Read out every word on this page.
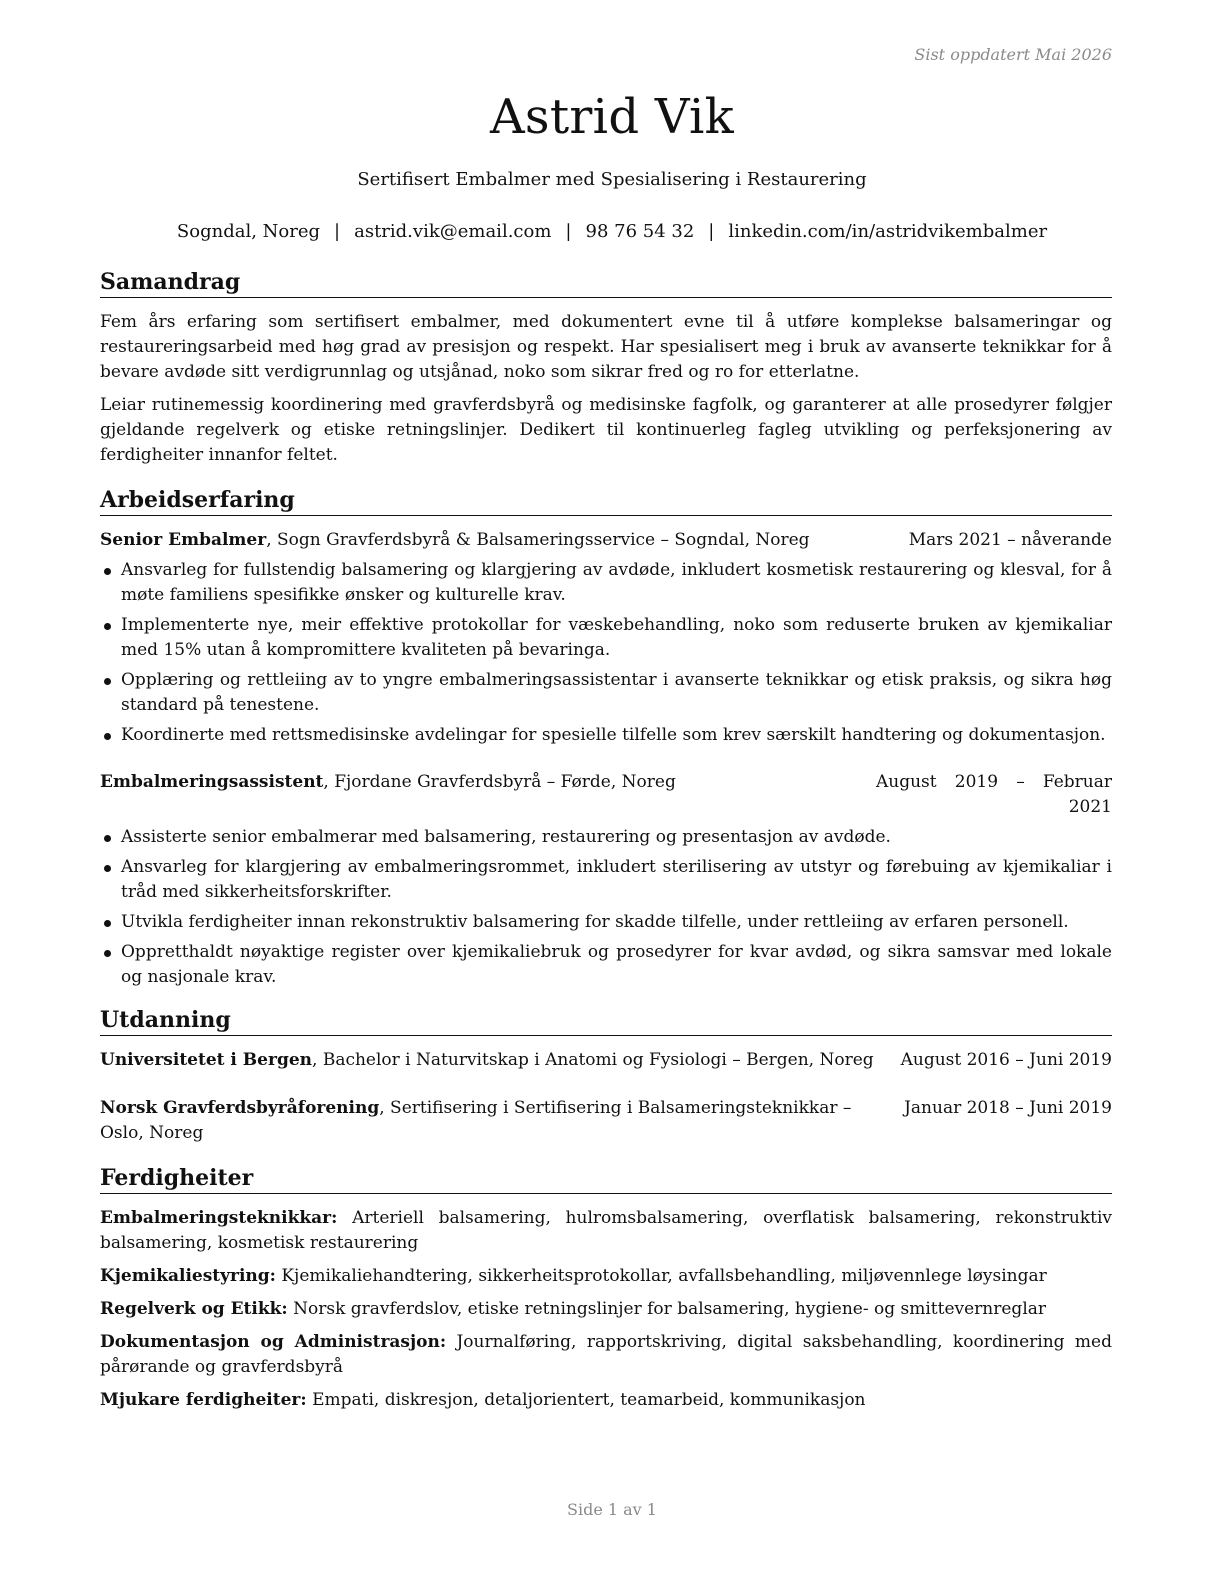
Sist oppdatert Mai 2026
Astrid Vik
Sertifisert Embalmer med Spesialisering i Restaurering
Sogndal, Noreg | astrid.vik@email.com | 98 76 54 32 | linkedin.com/in/astridvikembalmer
Samandrag

Fem års erfaring som sertifisert embalmer, med dokumentert evne til å utføre komplekse balsameringar og restaureringsarbeid med høg grad av presisjon og respekt. Har spesialisert meg i bruk av avanserte teknikkar for å bevare avdøde sitt verdigrunnlag og utsjånad, noko som sikrar fred og ro for etterlatne.

Leiar rutinemessig koordinering med gravferdsbyrå og medisinske fagfolk, og garanterer at alle prosedyrer følgjer gjeldande regelverk og etiske retningslinjer. Dedikert til kontinuerleg fagleg utvikling og perfeksjonering av ferdigheiter innanfor feltet.

Arbeidserfaring
Senior Embalmer, Sogn Gravferdsbyrå & Balsameringsservice – Sogndal, Noreg	Mars 2021 – nåverande
Ansvarleg for fullstendig balsamering og klargjering av avdøde, inkludert kosmetisk restaurering og klesval, for å møte familiens spesifikke ønsker og kulturelle krav.
Implementerte nye, meir effektive protokollar for væskebehandling, noko som reduserte bruken av kjemikaliar med 15% utan å kompromittere kvaliteten på bevaringa.
Opplæring og rettleiing av to yngre embalmeringsassistentar i avanserte teknikkar og etisk praksis, og sikra høg standard på tenestene.
Koordinerte med rettsmedisinske avdelingar for spesielle tilfelle som krev særskilt handtering og dokumentasjon.
Embalmeringsassistent, Fjordane Gravferdsbyrå – Førde, Noreg	August 2019 – Februar 2021
Assisterte senior embalmerar med balsamering, restaurering og presentasjon av avdøde.
Ansvarleg for klargjering av embalmeringsrommet, inkludert sterilisering av utstyr og førebuing av kjemikaliar i tråd med sikkerheitsforskrifter.
Utvikla ferdigheiter innan rekonstruktiv balsamering for skadde tilfelle, under rettleiing av erfaren personell.
Oppretthaldt nøyaktige register over kjemikaliebruk og prosedyrer for kvar avdød, og sikra samsvar med lokale og nasjonale krav.
Utdanning
Universitetet i Bergen, Bachelor i Naturvitskap i Anatomi og Fysiologi – Bergen, Noreg	August 2016 – Juni 2019
Norsk Gravferdsbyråforening, Sertifisering i Sertifisering i Balsameringsteknikkar – Oslo, Noreg
Januar 2018 – Juni 2019
Ferdigheiter
Embalmeringsteknikkar: Arteriell balsamering, hulromsbalsamering, overflatisk balsamering, rekonstruktiv balsamering, kosmetisk restaurering
Kjemikaliestyring: Kjemikaliehandtering, sikkerheitsprotokollar, avfallsbehandling, miljøvennlege løysingar
Regelverk og Etikk: Norsk gravferdslov, etiske retningslinjer for balsamering, hygiene- og smittevernreglar
Dokumentasjon og Administrasjon: Journalføring, rapportskriving, digital saksbehandling, koordinering med pårørande og gravferdsbyrå
Mjukare ferdigheiter: Empati, diskresjon, detaljorientert, teamarbeid, kommunikasjon
Side 1 av 1
